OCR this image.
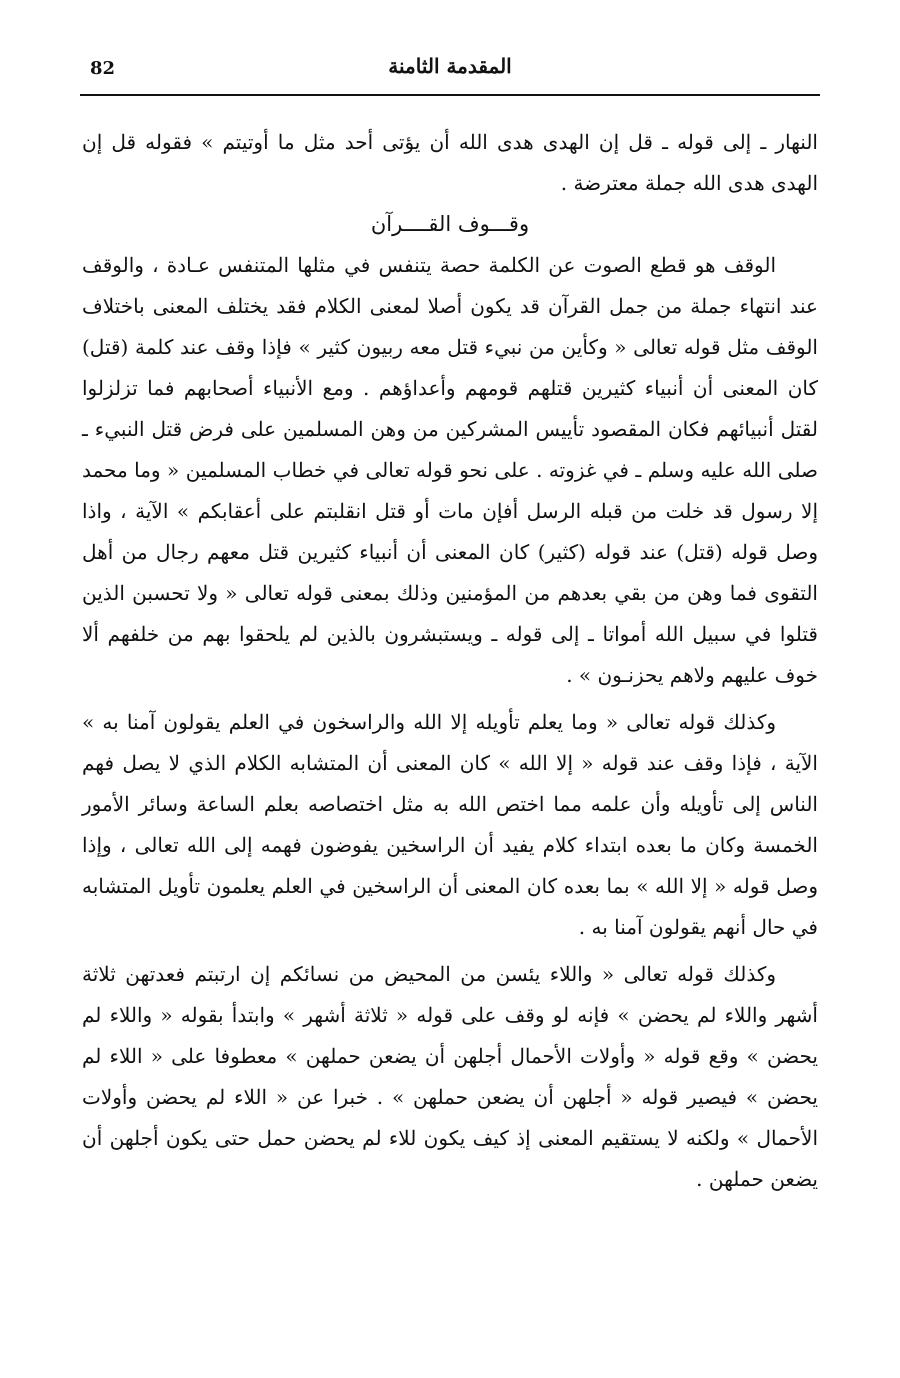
82	المقدمة الثامنة

النهار ـ إلى قوله ـ قل إن الهدى هدى الله أن يؤتى أحد مثل ما أوتيتم » فقوله قل إن الهدى هدى الله جملة معترضة .

وقـــوف القــــرآن

الوقف هو قطع الصوت عن الكلمة حصة يتنفس في مثلها المتنفس عـادة ، والوقف عند انتهاء جملة من جمل القرآن قد يكون أصلا لمعنى الكلام فقد يختلف المعنى باختلاف الوقف مثل قوله تعالى « وكأين من نبيء قتل معه ربيون كثير » فإذا وقف عند كلمة (قتل) كان المعنى أن أنبياء كثيرين قتلهم قومهم وأعداؤهم . ومع الأنبياء أصحابهم فما تزلزلوا لقتل أنبيائهم فكان المقصود تأييس المشركين من وهن المسلمين على فرض قتل النبيء ـ صلى الله عليه وسلم ـ في غزوته . على نحو قوله تعالى في خطاب المسلمين « وما محمد إلا رسول قد خلت من قبله الرسل أفإن مات أو قتل انقلبتم على أعقابكم » الآية ، واذا وصل قوله (قتل) عند قوله (كثير) كان المعنى أن أنبياء كثيرين قتل معهم رجال من أهل التقوى فما وهن من بقي بعدهم من المؤمنين وذلك بمعنى قوله تعالى « ولا تحسبن الذين قتلوا في سبيل الله أمواتا ـ إلى قوله ـ ويستبشرون بالذين لم يلحقوا بهم من خلفهم ألا خوف عليهم ولاهم يحزنـون » .

وكذلك قوله تعالى « وما يعلم تأويله إلا الله والراسخون في العلم يقولون آمنا به » الآية ، فإذا وقف عند قوله « إلا الله » كان المعنى أن المتشابه الكلام الذي لا يصل فهم الناس إلى تأويله وأن علمه مما اختص الله به مثل اختصاصه بعلم الساعة وسائر الأمور الخمسة وكان ما بعده ابتداء كلام يفيد أن الراسخين يفوضون فهمه إلى الله تعالى ، وإذا وصل قوله « إلا الله » بما بعده كان المعنى أن الراسخين في العلم يعلمون تأويل المتشابه في حال أنهم يقولون آمنا به .

وكذلك قوله تعالى « واللاء يئسن من المحيض من نسائكم إن ارتبتم فعدتهن ثلاثة أشهر واللاء لم يحضن » فإنه لو وقف على قوله « ثلاثة أشهر » وابتدأ بقوله « واللاء لم يحضن » وقع قوله « وأولات الأحمال أجلهن أن يضعن حملهن » معطوفا على « اللاء لم يحضن » فيصير قوله « أجلهن أن يضعن حملهن » . خبرا عن « اللاء لم يحضن وأولات الأحمال » ولكنه لا يستقيم المعنى إذ كيف يكون للاء لم يحضن حمل حتى يكون أجلهن أن يضعن حملهن .
